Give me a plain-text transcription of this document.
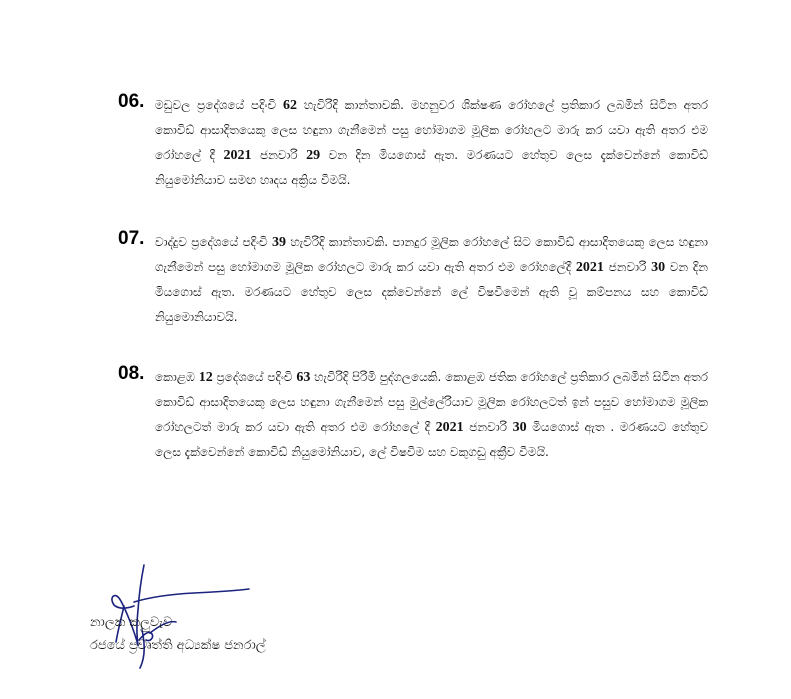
06. මඩුවල ප්‍රදේශයේ පදිංචි 62 හැවිරිදි කාන්තාවකි. මහනුවර ශික්ෂණ රෝහලේ ප්‍රතිකාර ලබමින් සිටින අතර කොවිඩ් ආසාදිතයෙකු ලෙස හඳුනා ගැනීමෙන් පසු හෝමාගම මූලික රෝහලට මාරු කර යවා ඇති අතර එම රෝහලේ දී 2021 ජනවාරි 29 වන දින මියගොස් ඇත. මරණයට හේතුව ලෙස දැක්වෙන්නේ කොවිඩ් නියුමෝනියාව සමඟ හෘදය අක්‍රිය වීමයි.
07. වාද්දුව ප්‍රදේශයේ පදිංචි 39 හැවිරිදි කාන්තාවකි. පානදුර මූලික රෝහලේ සිට කොවිඩ් ආසාදිතයෙකු ලෙස හඳුනා ගැනීමෙන් පසු හෝමාගම මූලික රෝහලට මාරු කර යවා ඇති අතර එම රෝහලේදී 2021 ජනවාරි 30 වන දින මියගොස් ඇත. මරණයට හේතුව ලෙස දක්වෙන්නේ ලේ විෂවීමෙන් ඇති වූ කම්පනය සහ කොවිඩ් නියුමොනියාවයි.
08. කොළඹ 12 ප්‍රදේශයේ පදිංචි 63 හැවිරිදි පිරිමි පුද්ගලයෙකි. කොළඹ ජතික රෝහලේ ප්‍රතිකාර ලබමින් සිටින අතර කොවිඩ් ආසාදිතයෙකු ලෙස හඳුනා ගැනීමෙන් පසු මුල්ලේරියාව මූලික රෝහලටත් ඉන් පසුව හෝමාගම මූලික රෝහලටත් මාරු කර යවා ඇති අතර එම රෝහලේ දී 2021 ජනවාරි 30 මියගොස් ඇත . මරණයට හේතුව ලෙස දැක්වෙන්නේ කොවිඩ් නියුමෝනියාව, ලේ විෂවීම සහ වකුගඩු අක්‍රීව වීමයි.
නාලක කලුවැව
රජයේ ප්‍රවෘත්ති අධ්‍යක්ෂ ජනරාල්
